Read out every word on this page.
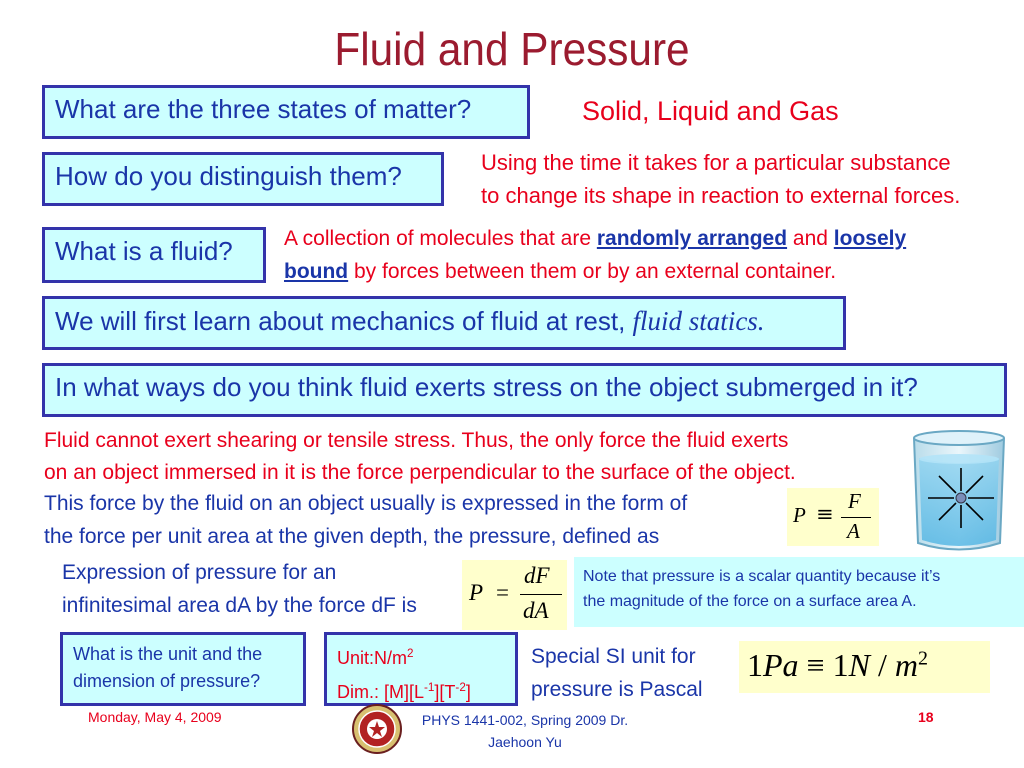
Fluid and Pressure
What are the three states of matter?	Solid, Liquid and Gas
How do you distinguish them?	Using the time it takes for a particular substance
to change its shape in reaction to external forces.
What is a fluid?	A collection of molecules that are randomly arranged and loosely
bound by forces between them or by an external container.
We will first learn about mechanics of fluid at rest, fluid statics.
In what ways do you think fluid exerts stress on the object submerged in it?
Fluid cannot exert shearing or tensile stress. Thus, the only force the fluid exerts
on an object immersed in it is the force perpendicular to the surface of the object.
This force by the fluid on an object usually is expressed in the form of
the force per unit area at the given depth, the pressure, defined as
P ≡
F
A
Expression of pressure for an
infinitesimal area dA by the force dF is
P =
dF
dA
Note that pressure is a scalar quantity because it’s
the magnitude of the force on a surface area A.
What is the unit and the
dimension of pressure?
$Unit:N/m^2$
Dim.: $[M][L^{-1}][T^{-2}]$
Special SI unit for
pressure is Pascal
$1Pa \equiv 1N / m^2$
Monday, May 4, 2009	PHYS 1441-002, Spring 2009 Dr.
Jaehoon Yu
18
